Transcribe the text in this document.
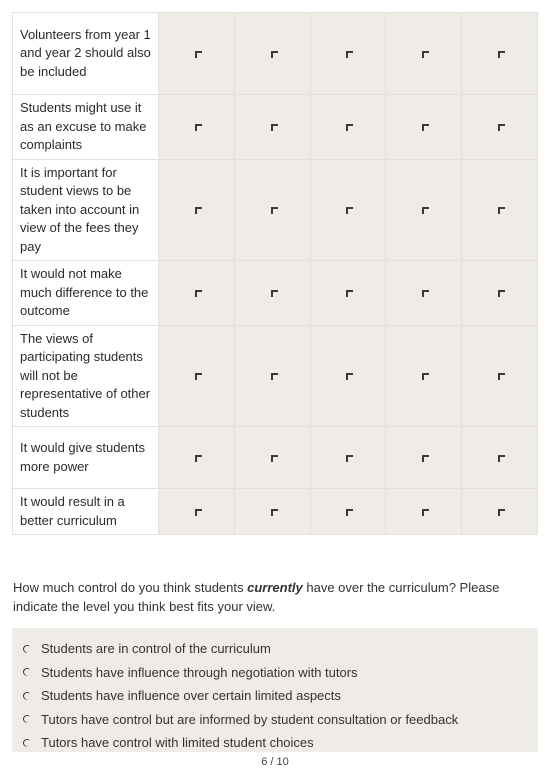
Volunteers from year 1 and year 2 should also be included					
Students might use it as an excuse to make complaints					
It is important for student views to be taken into account in view of the fees they pay					
It would not make much difference to the outcome					
The views of participating students will not be representative of other students					
It would give students more power					
It would result in a better curriculum					

How much control do you think students currently have over the curriculum? Please indicate the level you think best fits your view.

Students are in control of the curriculum
Students have influence through negotiation with tutors
Students have influence over certain limited aspects
Tutors have control but are informed by student consultation or feedback
Tutors have control with limited student choices
6 / 10
